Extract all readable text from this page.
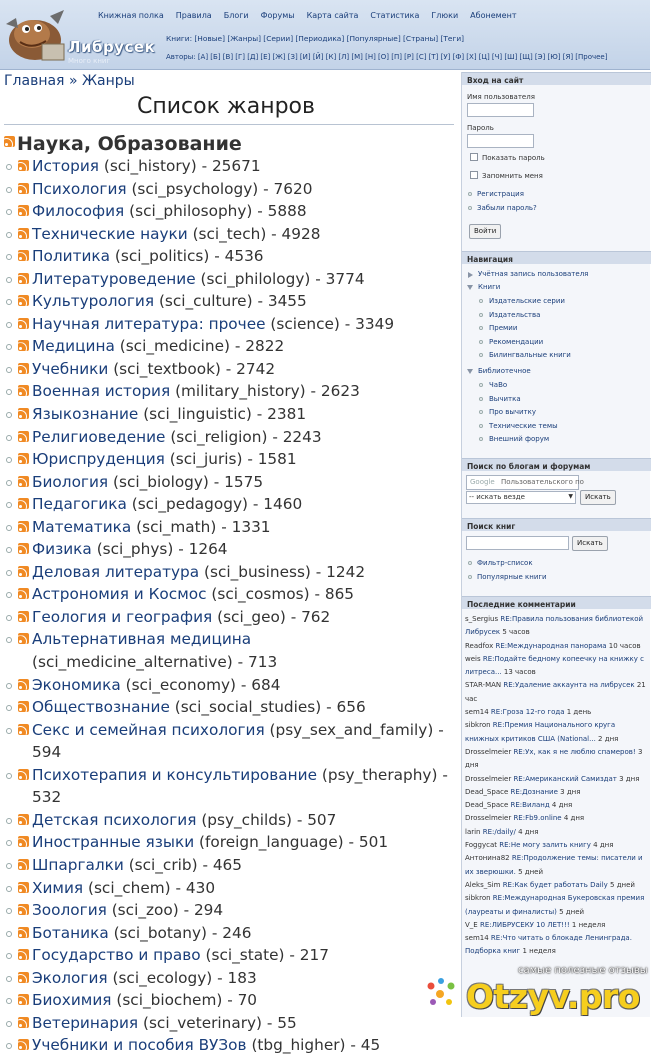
Либрусек
Много книг
Книжная полка	Правила	Блоги	Форумы	Карта сайта	Статистика	Глюки	Абонемент
Книги: [Новые] [Жанры] [Серии] [Периодика] [Популярные] [Страны] [Теги]
Авторы: [А] [Б] [В] [Г] [Д] [Е] [Ж] [З] [И] [Й] [К] [Л] [М] [Н] [О] [П] [Р] [С] [Т] [У] [Ф] [Х] [Ц] [Ч] [Ш] [Щ] [Э] [Ю] [Я] [Прочее]
Главная » Жанры
Список жанров
Наука, Образование
История (sci_history) - 25671
Психология (sci_psychology) - 7620
Философия (sci_philosophy) - 5888
Технические науки (sci_tech) - 4928
Политика (sci_politics) - 4536
Литературоведение (sci_philology) - 3774
Культурология (sci_culture) - 3455
Научная литература: прочее (science) - 3349
Медицина (sci_medicine) - 2822
Учебники (sci_textbook) - 2742
Военная история (military_history) - 2623
Языкознание (sci_linguistic) - 2381
Религиоведение (sci_religion) - 2243
Юриспруденция (sci_juris) - 1581
Биология (sci_biology) - 1575
Педагогика (sci_pedagogy) - 1460
Математика (sci_math) - 1331
Физика (sci_phys) - 1264
Деловая литература (sci_business) - 1242
Астрономия и Космос (sci_cosmos) - 865
Геология и география (sci_geo) - 762
Альтернативная медицина (sci_medicine_alternative) - 713
Экономика (sci_economy) - 684
Обществознание (sci_social_studies) - 656
Секс и семейная психология (psy_sex_and_family) - 594
Психотерапия и консультирование (psy_theraphy) - 532
Детская психология (psy_childs) - 507
Иностранные языки (foreign_language) - 501
Шпаргалки (sci_crib) - 465
Химия (sci_chem) - 430
Зоология (sci_zoo) - 294
Ботаника (sci_botany) - 246
Государство и право (sci_state) - 217
Экология (sci_ecology) - 183
Биохимия (sci_biochem) - 70
Ветеринария (sci_veterinary) - 55
Учебники и пособия ВУЗов (tbg_higher) - 45
Вход на сайт
Имя пользователя
Пароль
Показать пароль
Запомнить меня
Регистрация
Забыли пароль?
Войти
Навигация
Учётная запись пользователя
Книги
Издательские серии
Издательства
Премии
Рекомендации
Билингвальные книги
Библиотечное
ЧаВо
Вычитка
Про вычитку
Технические темы
Внешний форум
Поиск по блогам и форумам
Google Пользовательского по
-- искать везде	▼	Искать
Поиск книг
Искать
Фильтр-список
Популярные книги
Последние комментарии
s_Sergius RE:Правила пользования библиотекой Либрусек 5 часов
Readfox RE:Международная панорама 10 часов
weis RE:Подайте бедному копеечку на книжку с литреса... 13 часов
STAR-MAN RE:Удаление аккаунта на либрусек 21 час
sem14 RE:Гроза 12-го года 1 день
sibkron RE:Премия Национального круга книжных критиков США (National... 2 дня
Drosselmeier RE:Ух, как я не люблю спамеров! 3 дня
Drosselmeier RE:Американский Самиздат 3 дня
Dead_Space RE:Дознание 3 дня
Dead_Space RE:Виланд 4 дня
Drosselmeier RE:Fb9.online 4 дня
larin RE:/daily/ 4 дня
Foggycat RE:Не могу залить книгу 4 дня
Антонина82 RE:Продолжение темы: писатели и их зверюшки. 5 дней
Aleks_Sim RE:Как будет работать Daily 5 дней
sibkron RE:Международная Букеровская премия (лауреаты и финалисты) 5 дней
V_E RE:ЛИБРУСЕКУ 10 ЛЕТ!!! 1 неделя
sem14 RE:Что читать о блокаде Ленинграда. Подборка книг 1 неделя
самые полезные отзывы
Otzyv.pro
